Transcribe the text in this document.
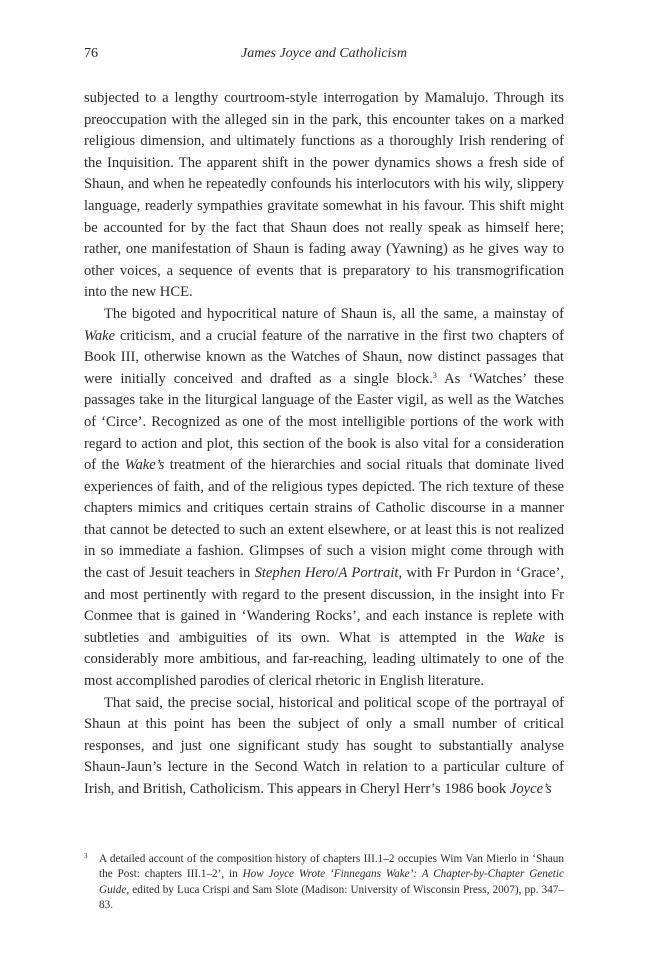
76	James Joyce and Catholicism

subjected to a lengthy courtroom-style interrogation by Mamalujo. Through its preoccupation with the alleged sin in the park, this encounter takes on a marked religious dimension, and ultimately functions as a thoroughly Irish rendering of the Inquisition. The apparent shift in the power dynamics shows a fresh side of Shaun, and when he repeatedly confounds his interlocutors with his wily, slippery language, readerly sympathies gravitate somewhat in his favour. This shift might be accounted for by the fact that Shaun does not really speak as himself here; rather, one manifestation of Shaun is fading away (Yawning) as he gives way to other voices, a sequence of events that is preparatory to his transmogrification into the new HCE.

The bigoted and hypocritical nature of Shaun is, all the same, a mainstay of Wake criticism, and a crucial feature of the narrative in the first two chapters of Book III, otherwise known as the Watches of Shaun, now distinct passages that were initially conceived and drafted as a single block.$^3$ As ‘Watches’ these passages take in the liturgical language of the Easter vigil, as well as the Watches of ‘Circe’. Recognized as one of the most intelligible portions of the work with regard to action and plot, this section of the book is also vital for a consideration of the Wake’s treatment of the hierarchies and social rituals that dominate lived experiences of faith, and of the religious types depicted. The rich texture of these chapters mimics and critiques certain strains of Catholic discourse in a manner that cannot be detected to such an extent elsewhere, or at least this is not realized in so immediate a fashion. Glimpses of such a vision might come through with the cast of Jesuit teachers in Stephen Hero/A Portrait, with Fr Purdon in ‘Grace’, and most pertinently with regard to the present discussion, in the insight into Fr Conmee that is gained in ‘Wandering Rocks’, and each instance is replete with subtleties and ambiguities of its own. What is attempted in the Wake is considerably more ambitious, and far-reaching, leading ultimately to one of the most accomplished parodies of clerical rhetoric in English literature.

That said, the precise social, historical and political scope of the portrayal of Shaun at this point has been the subject of only a small number of critical responses, and just one significant study has sought to substantially analyse Shaun-Jaun’s lecture in the Second Watch in relation to a particular culture of Irish, and British, Catholicism. This appears in Cheryl Herr’s 1986 book Joyce’s

3 A detailed account of the composition history of chapters III.1–2 occupies Wim Van Mierlo in ‘Shaun the Post: chapters III.1–2’, in How Joyce Wrote ‘Finnegans Wake’: A Chapter-by-Chapter Genetic Guide, edited by Luca Crispi and Sam Slote (Madison: University of Wisconsin Press, 2007), pp. 347–83.
